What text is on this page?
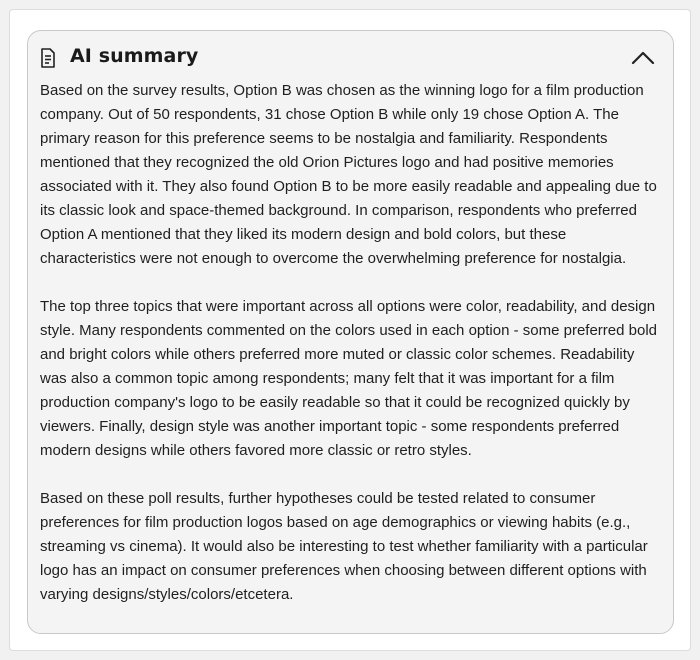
AI summary

Based on the survey results, Option B was chosen as the winning logo for a film production company. Out of 50 respondents, 31 chose Option B while only 19 chose Option A. The primary reason for this preference seems to be nostalgia and familiarity. Respondents mentioned that they recognized the old Orion Pictures logo and had positive memories associated with it. They also found Option B to be more easily readable and appealing due to its classic look and space-themed background. In comparison, respondents who preferred Option A mentioned that they liked its modern design and bold colors, but these characteristics were not enough to overcome the overwhelming preference for nostalgia.

The top three topics that were important across all options were color, readability, and design style. Many respondents commented on the colors used in each option - some preferred bold and bright colors while others preferred more muted or classic color schemes. Readability was also a common topic among respondents; many felt that it was important for a film production company's logo to be easily readable so that it could be recognized quickly by viewers. Finally, design style was another important topic - some respondents preferred modern designs while others favored more classic or retro styles.

Based on these poll results, further hypotheses could be tested related to consumer preferences for film production logos based on age demographics or viewing habits (e.g., streaming vs cinema). It would also be interesting to test whether familiarity with a particular logo has an impact on consumer preferences when choosing between different options with varying designs/styles/colors/etcetera.
